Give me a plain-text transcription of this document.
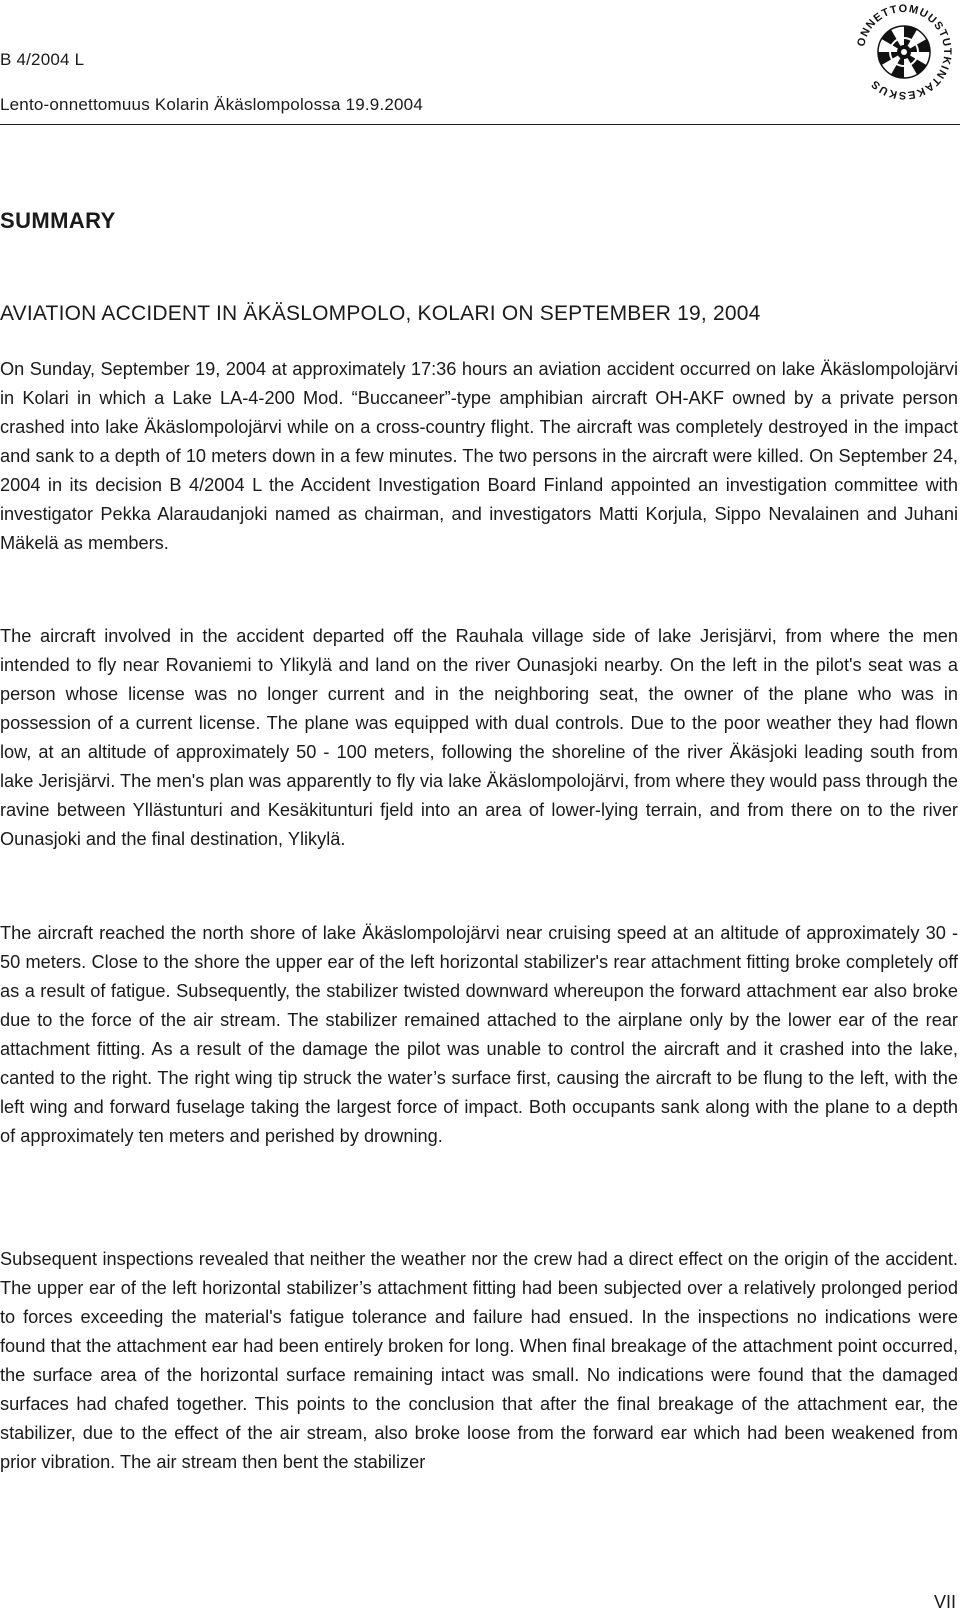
B 4/2004 L
Lento-onnettomuus Kolarin Äkäslompolossa 19.9.2004
ONNETTOMUUSTUTKINTAKESKUS
SUMMARY
AVIATION ACCIDENT IN ÄKÄSLOMPOLO, KOLARI ON SEPTEMBER 19, 2004

On Sunday, September 19, 2004 at approximately 17:36 hours an aviation accident occurred on lake Äkäslompolojärvi in Kolari in which a Lake LA-4-200 Mod. “Buccaneer”-type amphibian aircraft OH-AKF owned by a private person crashed into lake Äkäslompolojärvi while on a cross-country flight. The aircraft was completely destroyed in the impact and sank to a depth of 10 meters down in a few minutes. The two persons in the aircraft were killed. On September 24, 2004 in its decision B 4/2004 L the Accident Investigation Board Finland appointed an investigation committee with investigator Pekka Alaraudanjoki named as chairman, and investigators Matti Korjula, Sippo Nevalainen and Juhani Mäkelä as members.

The aircraft involved in the accident departed off the Rauhala village side of lake Jerisjärvi, from where the men intended to fly near Rovaniemi to Ylikylä and land on the river Ounasjoki nearby. On the left in the pilot's seat was a person whose license was no longer current and in the neighboring seat, the owner of the plane who was in possession of a current license. The plane was equipped with dual controls. Due to the poor weather they had flown low, at an altitude of approximately 50 - 100 meters, following the shoreline of the river Äkäsjoki leading south from lake Jerisjärvi. The men's plan was apparently to fly via lake Äkäslompolojärvi, from where they would pass through the ravine between Yllästunturi and Kesäkitunturi fjeld into an area of lower-lying terrain, and from there on to the river Ounasjoki and the final destination, Ylikylä.

The aircraft reached the north shore of lake Äkäslompolojärvi near cruising speed at an altitude of approximately 30 - 50 meters. Close to the shore the upper ear of the left horizontal stabilizer's rear attachment fitting broke completely off as a result of fatigue. Subsequently, the stabilizer twisted downward whereupon the forward attachment ear also broke due to the force of the air stream. The stabilizer remained attached to the airplane only by the lower ear of the rear attachment fitting. As a result of the damage the pilot was unable to control the aircraft and it crashed into the lake, canted to the right. The right wing tip struck the water’s surface first, causing the aircraft to be flung to the left, with the left wing and forward fuselage taking the largest force of impact. Both occupants sank along with the plane to a depth of approximately ten meters and perished by drowning.

Subsequent inspections revealed that neither the weather nor the crew had a direct effect on the origin of the accident. The upper ear of the left horizontal stabilizer’s attachment fitting had been subjected over a relatively prolonged period to forces exceeding the material's fatigue tolerance and failure had ensued. In the inspections no indications were found that the attachment ear had been entirely broken for long. When final breakage of the attachment point occurred, the surface area of the horizontal surface remaining intact was small. No indications were found that the damaged surfaces had chafed together. This points to the conclusion that after the final breakage of the attachment ear, the stabilizer, due to the effect of the air stream, also broke loose from the forward ear which had been weakened from prior vibration. The air stream then bent the stabilizer

VII
